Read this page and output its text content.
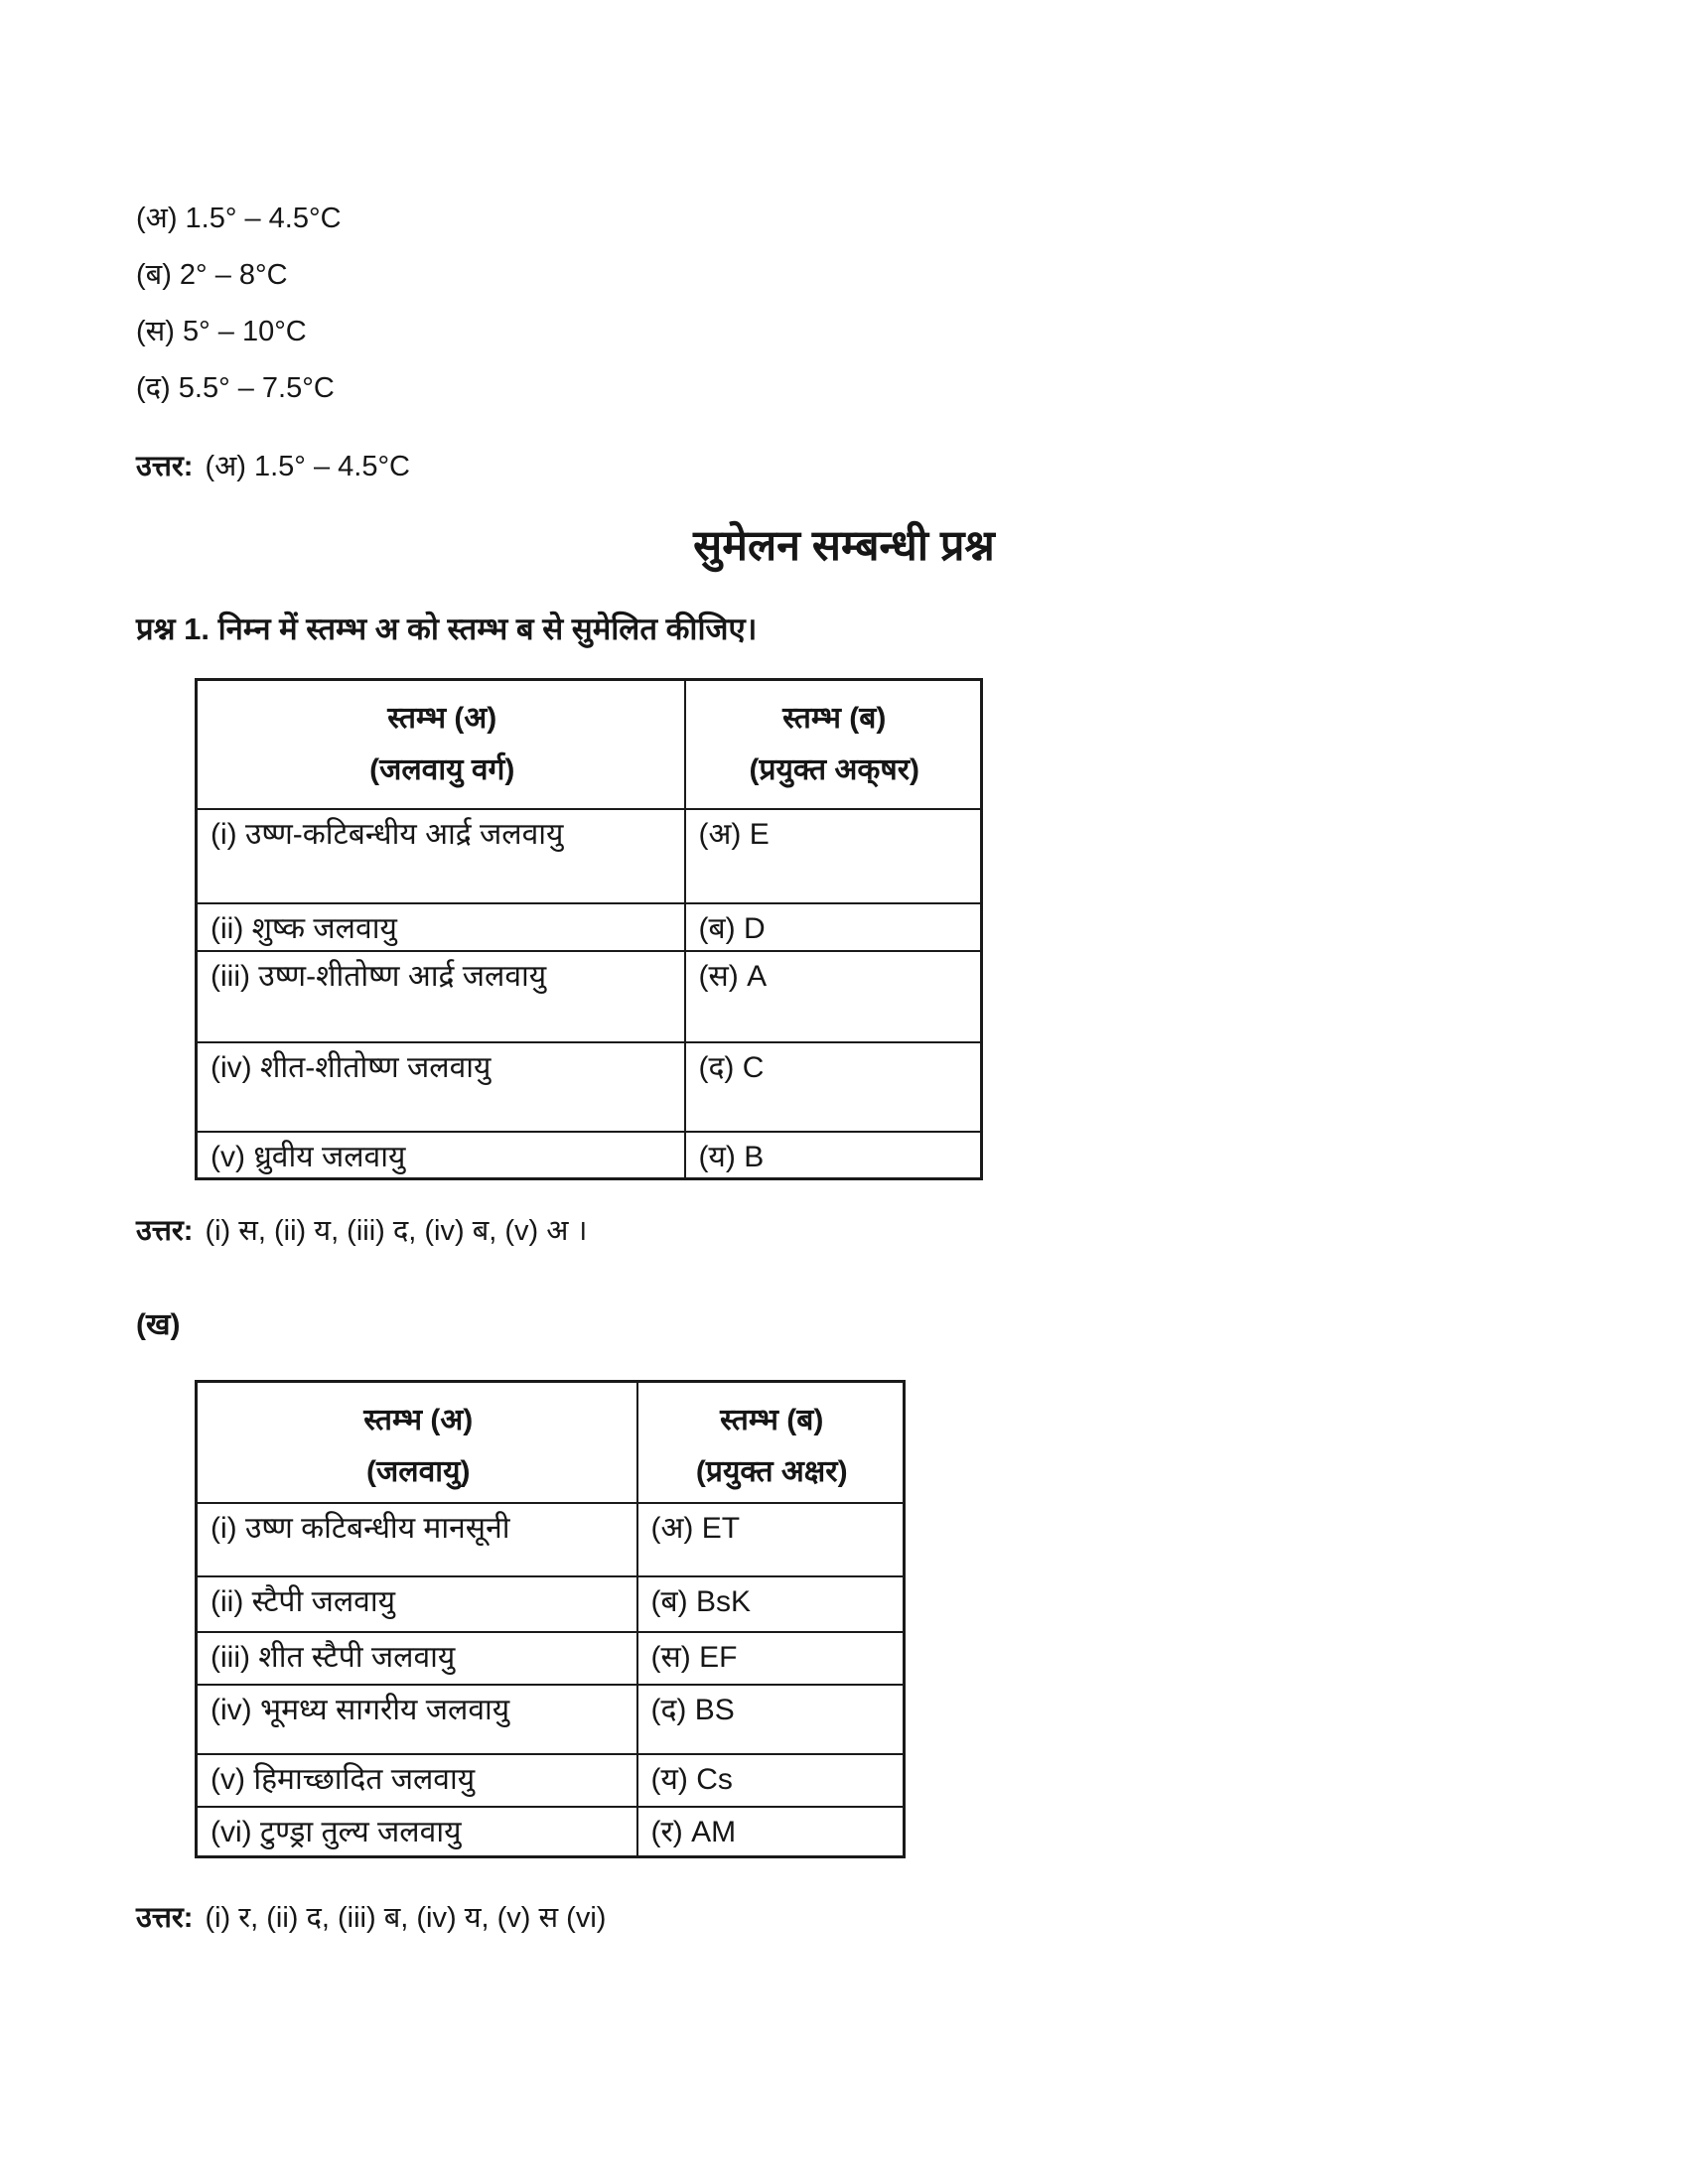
(अ) 1.5° – 4.5°C
(ब) 2° – 8°C
(स) 5° – 10°C
(द) 5.5° – 7.5°C
उत्तर: (अ) 1.5° – 4.5°C
सुमेलन सम्बन्धी प्रश्न
प्रश्न 1. निम्न में स्तम्भ अ को स्तम्भ ब से सुमेलित कीजिए।
स्तम्भ (अ)
(जलवायु वर्ग)

स्तम्भ (ब)
(प्रयुक्त अक्‌षर)

(i) उष्ण-कटिबन्धीय आर्द्र जलवायु	(अ) E
(ii) शुष्क जलवायु	(ब) D
(iii) उष्ण-शीतोष्ण आर्द्र जलवायु	(स) A
(iv) शीत-शीतोष्ण जलवायु	(द) C
(v) ध्रुवीय जलवायु	(य) B
उत्तर: (i) स, (ii) य, (iii) द, (iv) ब, (v) अ ।
(ख)
स्तम्भ (अ)
(जलवायु)

स्तम्भ (ब)
(प्रयुक्त अक्षर)

(i) उष्ण कटिबन्धीय मानसूनी	(अ) ET
(ii) स्टैपी जलवायु	(ब) BsK
(iii) शीत स्टैपी जलवायु	(स) EF
(iv) भूमध्य सागरीय जलवायु	(द) BS
(v) हिमाच्छादित जलवायु	(य) Cs
(vi) टुण्ड्रा तुल्य जलवायु	(र) AM
उत्तर: (i) र, (ii) द, (iii) ब, (iv) य, (v) स (vi)
